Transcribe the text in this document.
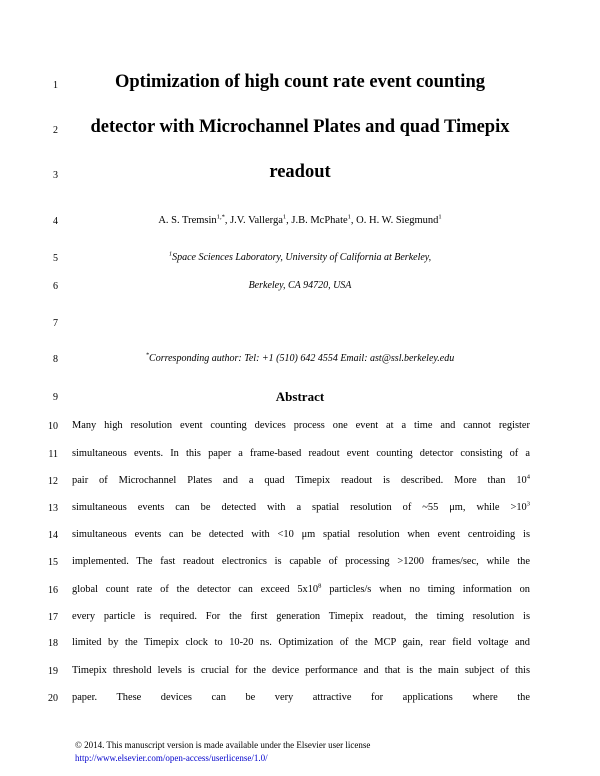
1
2
3
4
5
6
7
8
9
10
11
12
13
14
15
16
17
18
19
20
Optimization of high count rate event counting
detector with Microchannel Plates and quad Timepix
readout
A. S. Tremsin$^{1,*}$, J.V. Vallerga$^1$, J.B. McPhate$^1$, O. H. W. Siegmund$^1$
$^1$Space Sciences Laboratory, University of California at Berkeley,
Berkeley, CA 94720, USA
*Corresponding author: Tel: +1 (510) 642 4554 Email: ast@ssl.berkeley.edu
Abstract
Many high resolution event counting devices process one event at a time and cannot register
simultaneous events. In this paper a frame-based readout event counting detector consisting of a
pair of Microchannel Plates and a quad Timepix readout is described. More than $10^4$
simultaneous events can be detected with a spatial resolution of ~55 μm, while $>10^3$
simultaneous events can be detected with <10 μm spatial resolution when event centroiding is
implemented. The fast readout electronics is capable of processing >1200 frames/sec, while the
global count rate of the detector can exceed $5x10^8$ particles/s when no timing information on
every particle is required. For the first generation Timepix readout, the timing resolution is
limited by the Timepix clock to 10-20 ns. Optimization of the MCP gain, rear field voltage and
Timepix threshold levels is crucial for the device performance and that is the main subject of this
paper.    These    devices    can    be    very    attractive    for    applications    where    the
© 2014. This manuscript version is made available under the Elsevier user license
http://www.elsevier.com/open-access/userlicense/1.0/
